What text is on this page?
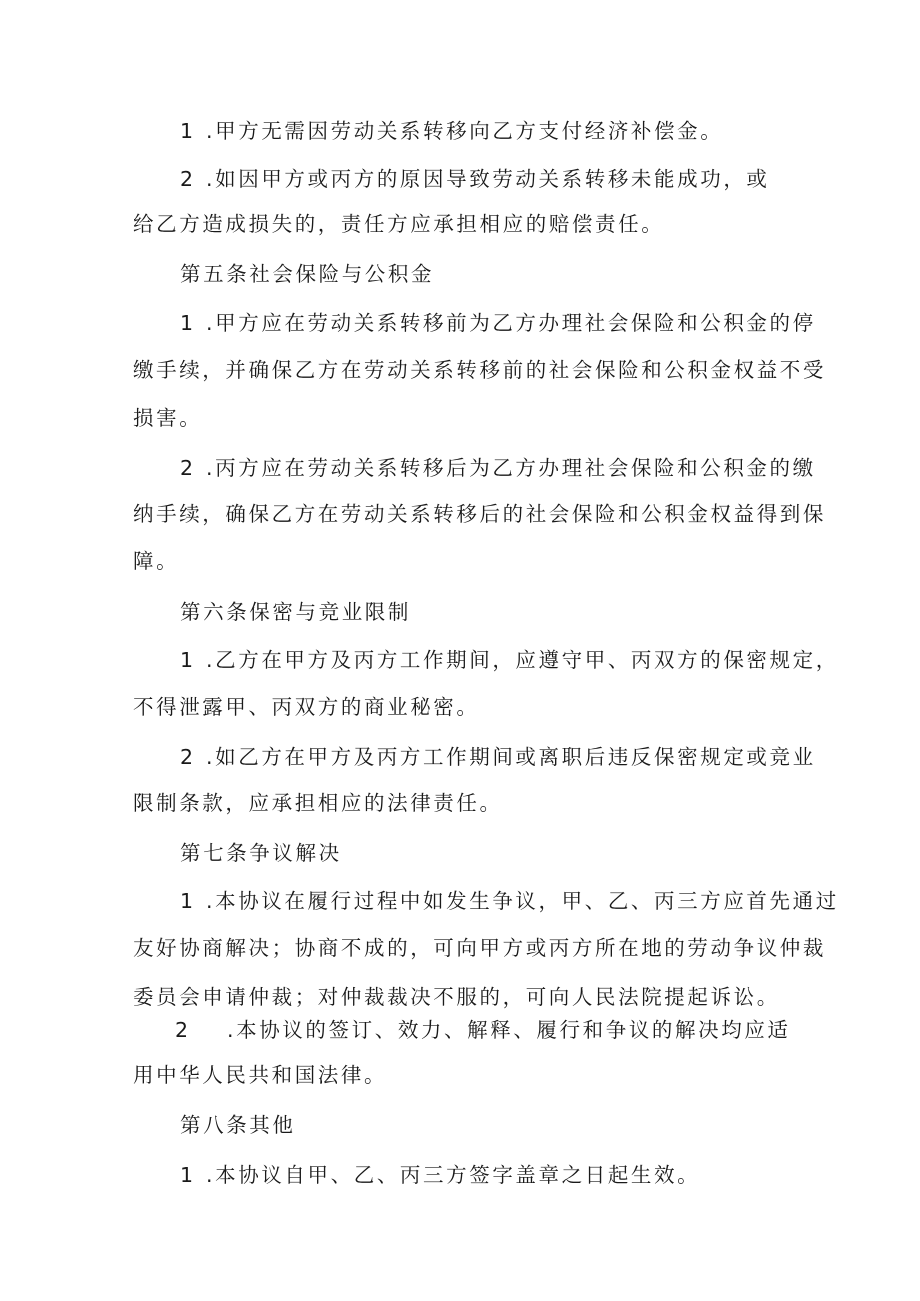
1 .甲方无需因劳动关系转移向乙方支付经济补偿金。
2 .如因甲方或丙方的原因导致劳动关系转移未能成功，或
给乙方造成损失的，责任方应承担相应的赔偿责任。
第五条社会保险与公积金
1 .甲方应在劳动关系转移前为乙方办理社会保险和公积金的停
缴手续，并确保乙方在劳动关系转移前的社会保险和公积金权益不受
损害。
2 .丙方应在劳动关系转移后为乙方办理社会保险和公积金的缴
纳手续，确保乙方在劳动关系转移后的社会保险和公积金权益得到保
障。
第六条保密与竞业限制
1 .乙方在甲方及丙方工作期间，应遵守甲、丙双方的保密规定，
不得泄露甲、丙双方的商业秘密。
2 .如乙方在甲方及丙方工作期间或离职后违反保密规定或竞业
限制条款，应承担相应的法律责任。
第七条争议解决
1 .本协议在履行过程中如发生争议，甲、乙、丙三方应首先通过
友好协商解决；协商不成的，可向甲方或丙方所在地的劳动争议仲裁
委员会申请仲裁；对仲裁裁决不服的，可向人民法院提起诉讼。
2 .本协议的签订、效力、解释、履行和争议的解决均应适
用中华人民共和国法律。
第八条其他
1 .本协议自甲、乙、丙三方签字盖章之日起生效。
